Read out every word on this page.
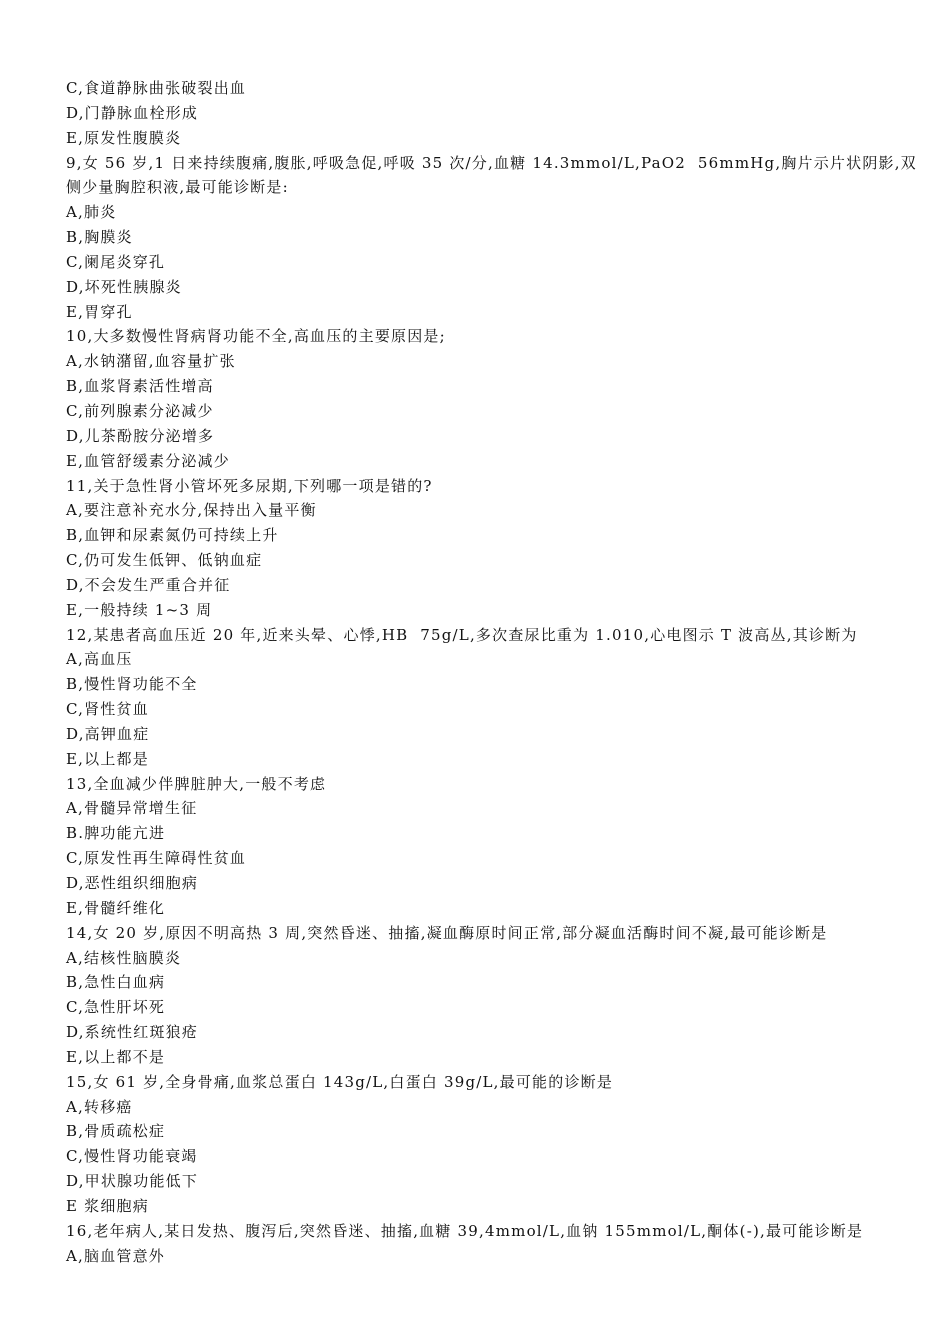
C,食道静脉曲张破裂出血
D,门静脉血栓形成
E,原发性腹膜炎
9,女 56 岁,1 日来持续腹痛,腹胀,呼吸急促,呼吸 35 次/分,血糖 14.3mmol/L,PaO2  56mmHg,胸片示片状阴影,双
侧少量胸腔积液,最可能诊断是:
A,肺炎
B,胸膜炎
C,阑尾炎穿孔
D,坏死性胰腺炎
E,胃穿孔
10,大多数慢性肾病肾功能不全,高血压的主要原因是;
A,水钠潴留,血容量扩张
B,血浆肾素活性增高
C,前列腺素分泌减少
D,儿茶酚胺分泌增多
E,血管舒缓素分泌减少
11,关于急性肾小管坏死多尿期,下列哪一项是错的?
A,要注意补充水分,保持出入量平衡
B,血钾和尿素氮仍可持续上升
C,仍可发生低钾、低钠血症
D,不会发生严重合并征
E,一般持续 1~3 周
12,某患者高血压近 20 年,近来头晕、心悸,HB  75g/L,多次查尿比重为 1.010,心电图示 T 波高丛,其诊断为
A,高血压
B,慢性肾功能不全
C,肾性贫血
D,高钾血症
E,以上都是
13,全血减少伴脾脏肿大,一般不考虑
A,骨髓异常增生征
B.脾功能亢进
C,原发性再生障碍性贫血
D,恶性组织细胞病
E,骨髓纤维化
14,女 20 岁,原因不明高热 3 周,突然昏迷、抽搐,凝血酶原时间正常,部分凝血活酶时间不凝,最可能诊断是
A,结核性脑膜炎
B,急性白血病
C,急性肝坏死
D,系统性红斑狼疮
E,以上都不是
15,女 61 岁,全身骨痛,血浆总蛋白 143g/L,白蛋白 39g/L,最可能的诊断是
A,转移癌
B,骨质疏松症
C,慢性肾功能衰竭
D,甲状腺功能低下
E 浆细胞病
16,老年病人,某日发热、腹泻后,突然昏迷、抽搐,血糖 39,4mmol/L,血钠 155mmol/L,酮体(-),最可能诊断是
A,脑血管意外
